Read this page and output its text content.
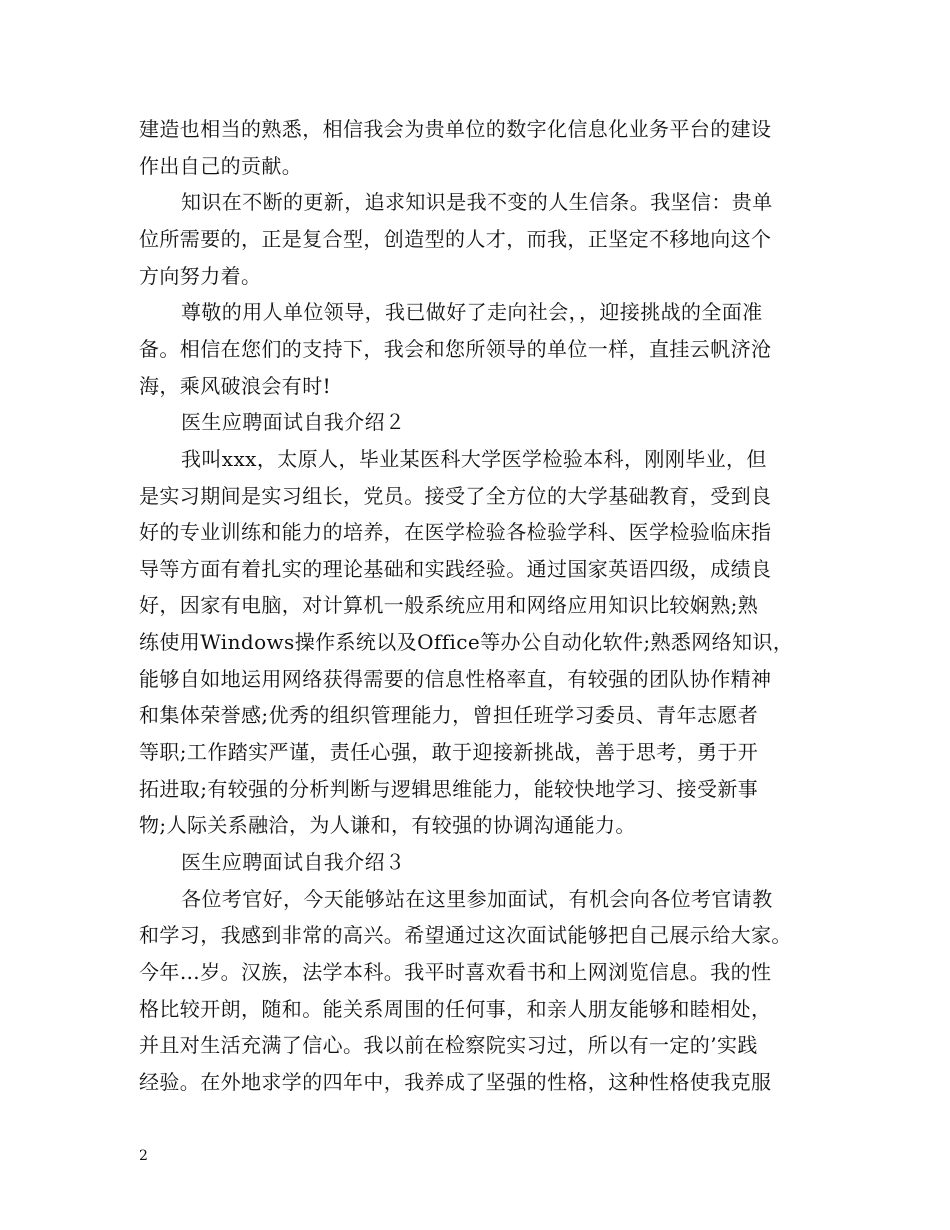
建造也相当的熟悉，相信我会为贵单位的数字化信息化业务平台的建设
作出自己的贡献。
知识在不断的更新，追求知识是我不变的人生信条。我坚信：贵单
位所需要的，正是复合型，创造型的人才，而我，正坚定不移地向这个
方向努力着。
尊敬的用人单位领导，我已做好了走向社会，，迎接挑战的全面准
备。相信在您们的支持下，我会和您所领导的单位一样，直挂云帆济沧
海，乘风破浪会有时!
医生应聘面试自我介绍２
我叫xxx，太原人，毕业某医科大学医学检验本科，刚刚毕业，但
是实习期间是实习组长，党员。接受了全方位的大学基础教育，受到良
好的专业训练和能力的培养，在医学检验各检验学科、医学检验临床指
导等方面有着扎实的理论基础和实践经验。通过国家英语四级，成绩良
好，因家有电脑，对计算机一般系统应用和网络应用知识比较娴熟;熟
练使用Windows操作系统以及Office等办公自动化软件;熟悉网络知识，
能够自如地运用网络获得需要的信息性格率直，有较强的团队协作精神
和集体荣誉感;优秀的组织管理能力，曾担任班学习委员、青年志愿者
等职;工作踏实严谨，责任心强，敢于迎接新挑战，善于思考，勇于开
拓进取;有较强的分析判断与逻辑思维能力，能较快地学习、接受新事
物;人际关系融洽，为人谦和，有较强的协调沟通能力。
医生应聘面试自我介绍３
各位考官好，今天能够站在这里参加面试，有机会向各位考官请教
和学习，我感到非常的高兴。希望通过这次面试能够把自己展示给大家。
今年…岁。汉族，法学本科。我平时喜欢看书和上网浏览信息。我的性
格比较开朗，随和。能关系周围的任何事，和亲人朋友能够和睦相处，
并且对生活充满了信心。我以前在检察院实习过，所以有一定的’实践
经验。在外地求学的四年中，我养成了坚强的性格，这种性格使我克服
2
